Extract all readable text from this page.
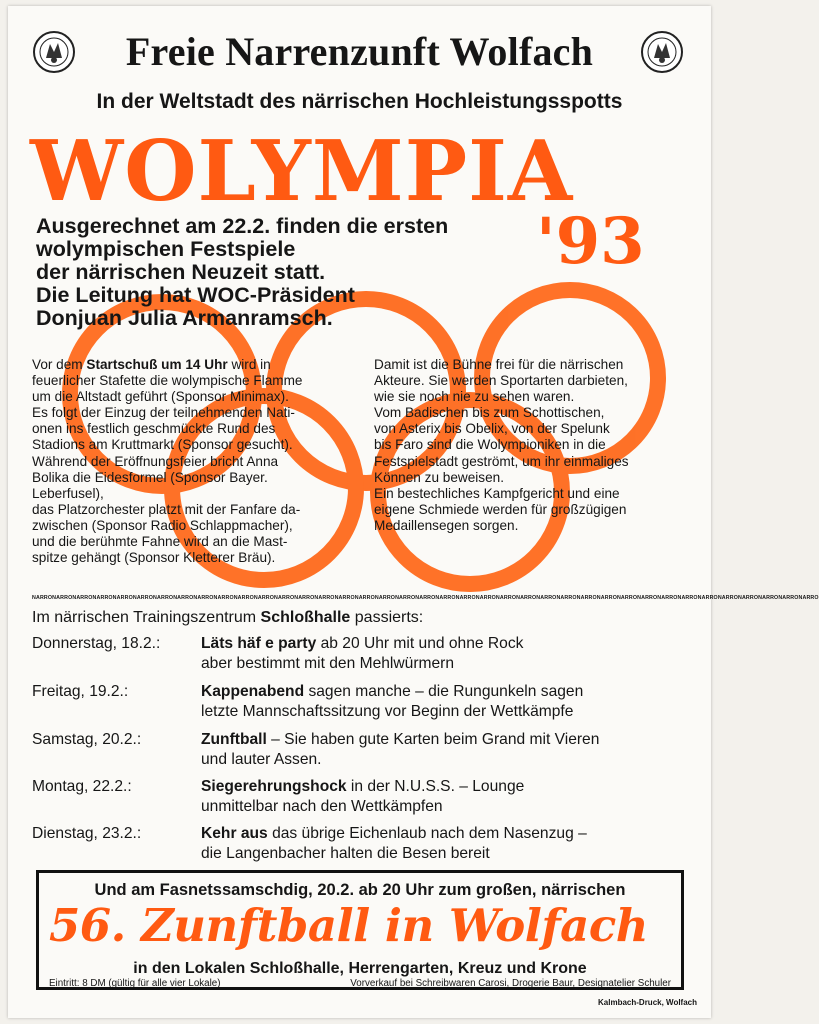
Freie Narrenzunft Wolfach
In der Weltstadt des närrischen Hochleistungsspotts
WOLYMPIA
'93
Ausgerechnet am 22.2. finden die ersten
wolympischen Festspiele
der närrischen Neuzeit statt.
Die Leitung hat WOC-Präsident
Donjuan Julia Armanramsch.
Vor dem Startschuß um 14 Uhr wird in
feuerlicher Stafette die wolympische Flamme
um die Altstadt geführt (Sponsor Minimax).
Es folgt der Einzug der teilnehmenden Nati-
onen ins festlich geschmückte Rund des
Stadions am Kruttmarkt (Sponsor gesucht).
Während der Eröffnungsfeier bricht Anna
Bolika die Eidesformel (Sponsor Bayer.
Leberfusel),
das Platzorchester platzt mit der Fanfare da-
zwischen (Sponsor Radio Schlappmacher),
und die berühmte Fahne wird an die Mast-
spitze gehängt (Sponsor Kletterer Bräu).
Damit ist die Bühne frei für die närrischen
Akteure. Sie werden Sportarten darbieten,
wie sie noch nie zu sehen waren.
Vom Badischen bis zum Schottischen,
von Asterix bis Obelix, von der Spelunk
bis Faro sind die Wolympioniken in die
Festspielstadt geströmt, um ihr einmaliges
Können zu beweisen.
Ein bestechliches Kampfgericht und eine
eigene Schmiede werden für großzügigen
Medaillensegen sorgen.
NARRONARRONARRONARRONARRONARRONARRONARRONARRONARRONARRONARRONARRONARRONARRONARRONARRONARRONARRONARRONARRONARRONARRONARRONARRONARRONARRONARRONARRONARRONARRONARRONARRONARRONARRONARRONARRONARRONARRO
Im närrischen Trainingszentrum Schloßhalle passierts:
Donnerstag, 18.2.:	Läts häf e party ab 20 Uhr mit und ohne Rock
aber bestimmt mit den Mehlwürmern
Freitag, 19.2.:	Kappenabend sagen manche – die Rungunkeln sagen
letzte Mannschaftssitzung vor Beginn der Wettkämpfe
Samstag, 20.2.:	Zunftball – Sie haben gute Karten beim Grand mit Vieren
und lauter Assen.
Montag, 22.2.:	Siegerehrungshock in der N.U.S.S. – Lounge
unmittelbar nach den Wettkämpfen
Dienstag, 23.2.:	Kehr aus das übrige Eichenlaub nach dem Nasenzug –
die Langenbacher halten die Besen bereit
Und am Fasnetssamschdig, 20.2. ab 20 Uhr zum großen, närrischen
56. Zunftball in Wolfach
in den Lokalen Schloßhalle, Herrengarten, Kreuz und Krone
Eintritt: 8 DM (gültig für alle vier Lokale)	Vorverkauf bei Schreibwaren Carosi, Drogerie Baur, Designatelier Schuler
Kalmbach-Druck, Wolfach
